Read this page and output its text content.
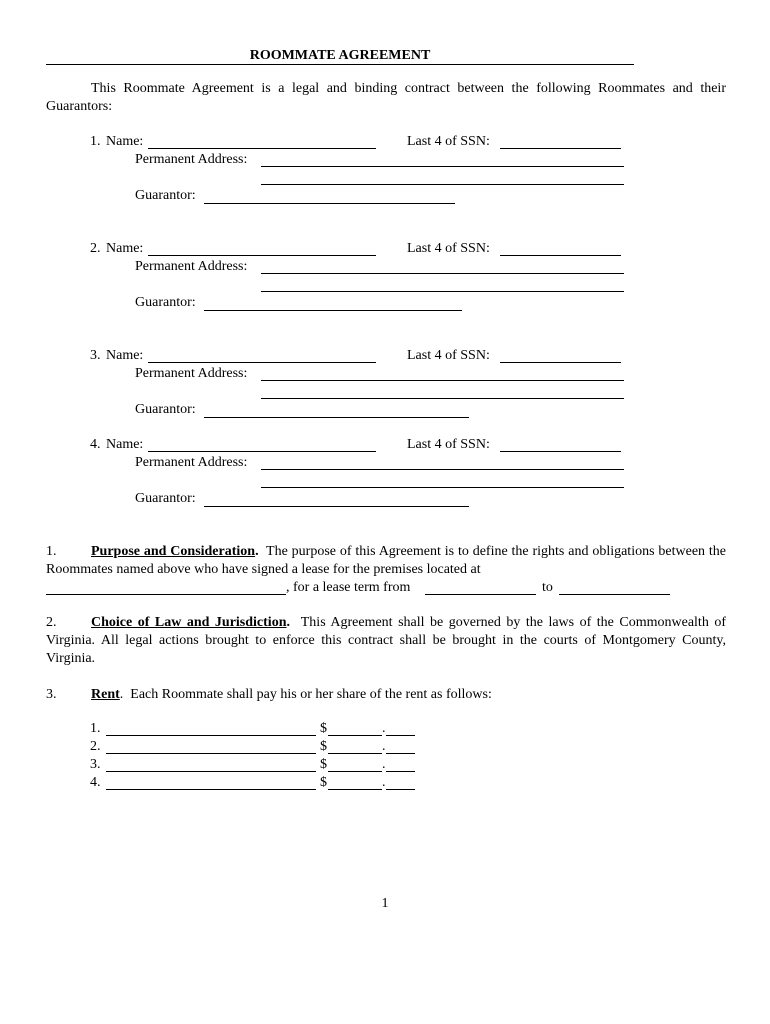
ROOMMATE AGREEMENT
This Roommate Agreement is a legal and binding contract between the following Roommates and their Guarantors:
1. Name:	Last 4 of SSN:
Permanent Address:
Guarantor:
2. Name:	Last 4 of SSN:
Permanent Address:
Guarantor:
3. Name:	Last 4 of SSN:
Permanent Address:
Guarantor:
4. Name:	Last 4 of SSN:
Permanent Address:
Guarantor:
1. Purpose and Consideration. The purpose of this Agreement is to define the rights and obligations between the Roommates named above who have signed a lease for the premises located at
, for a lease term from	to
2. Choice of Law and Jurisdiction. This Agreement shall be governed by the laws of the Commonwealth of Virginia. All legal actions brought to enforce this contract shall be brought in the courts of Montgomery County, Virginia.
3. Rent.  Each Roommate shall pay his or her share of the rent as follows:
1.	$	.
2.	$	.
3.	$	.
4.	$	.
1
